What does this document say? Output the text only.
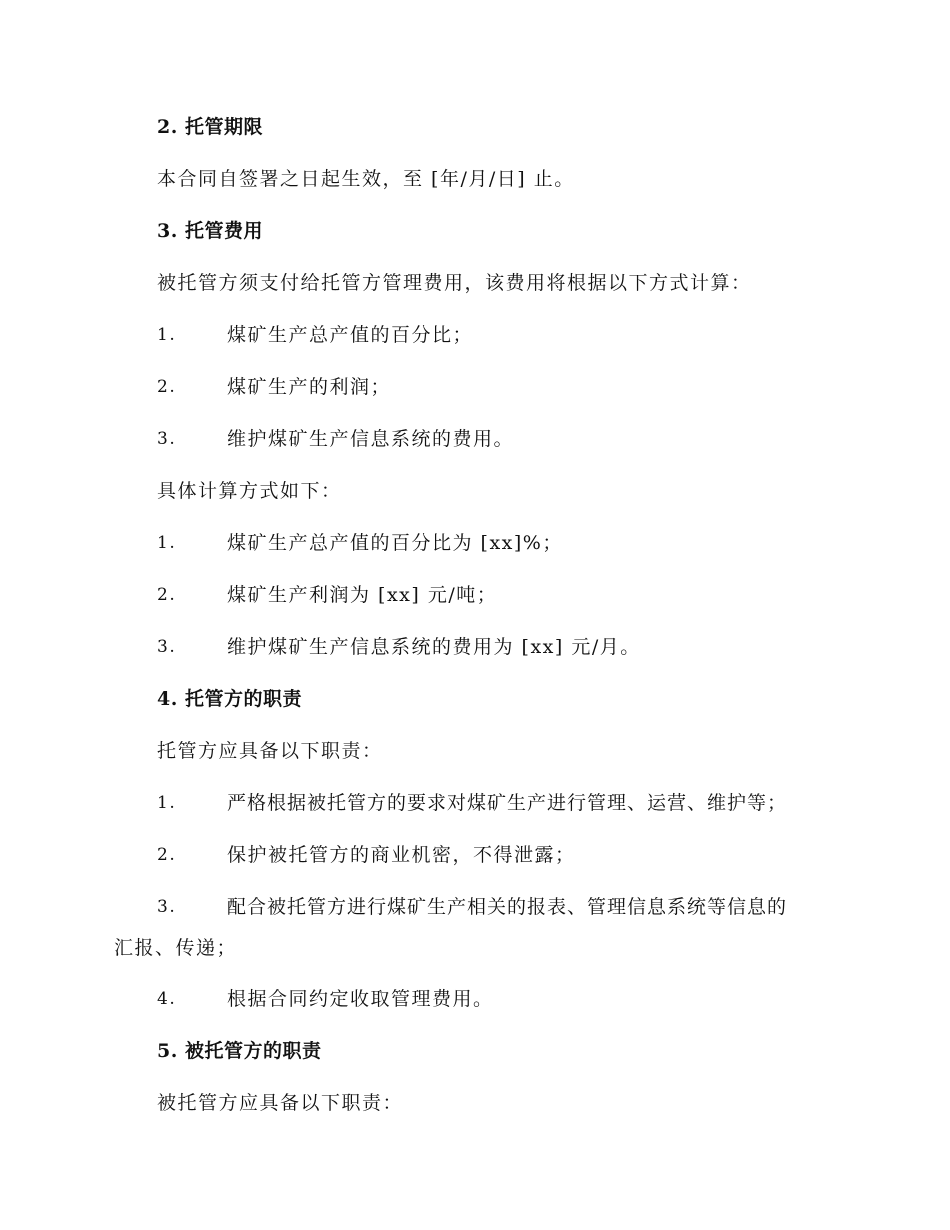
2. 托管期限
本合同自签署之日起生效，至 [年/月/日] 止。
3. 托管费用
被托管方须支付给托管方管理费用，该费用将根据以下方式计算：
1.	煤矿生产总产值的百分比；
2.	煤矿生产的利润；
3.	维护煤矿生产信息系统的费用。
具体计算方式如下：
1.	煤矿生产总产值的百分比为 [xx]%；
2.	煤矿生产利润为 [xx] 元/吨；
3.	维护煤矿生产信息系统的费用为 [xx] 元/月。
4. 托管方的职责
托管方应具备以下职责：
1.	严格根据被托管方的要求对煤矿生产进行管理、运营、维护等；
2.	保护被托管方的商业机密，不得泄露；
3.	配合被托管方进行煤矿生产相关的报表、管理信息系统等信息的
汇报、传递；
4.	根据合同约定收取管理费用。
5. 被托管方的职责
被托管方应具备以下职责：
